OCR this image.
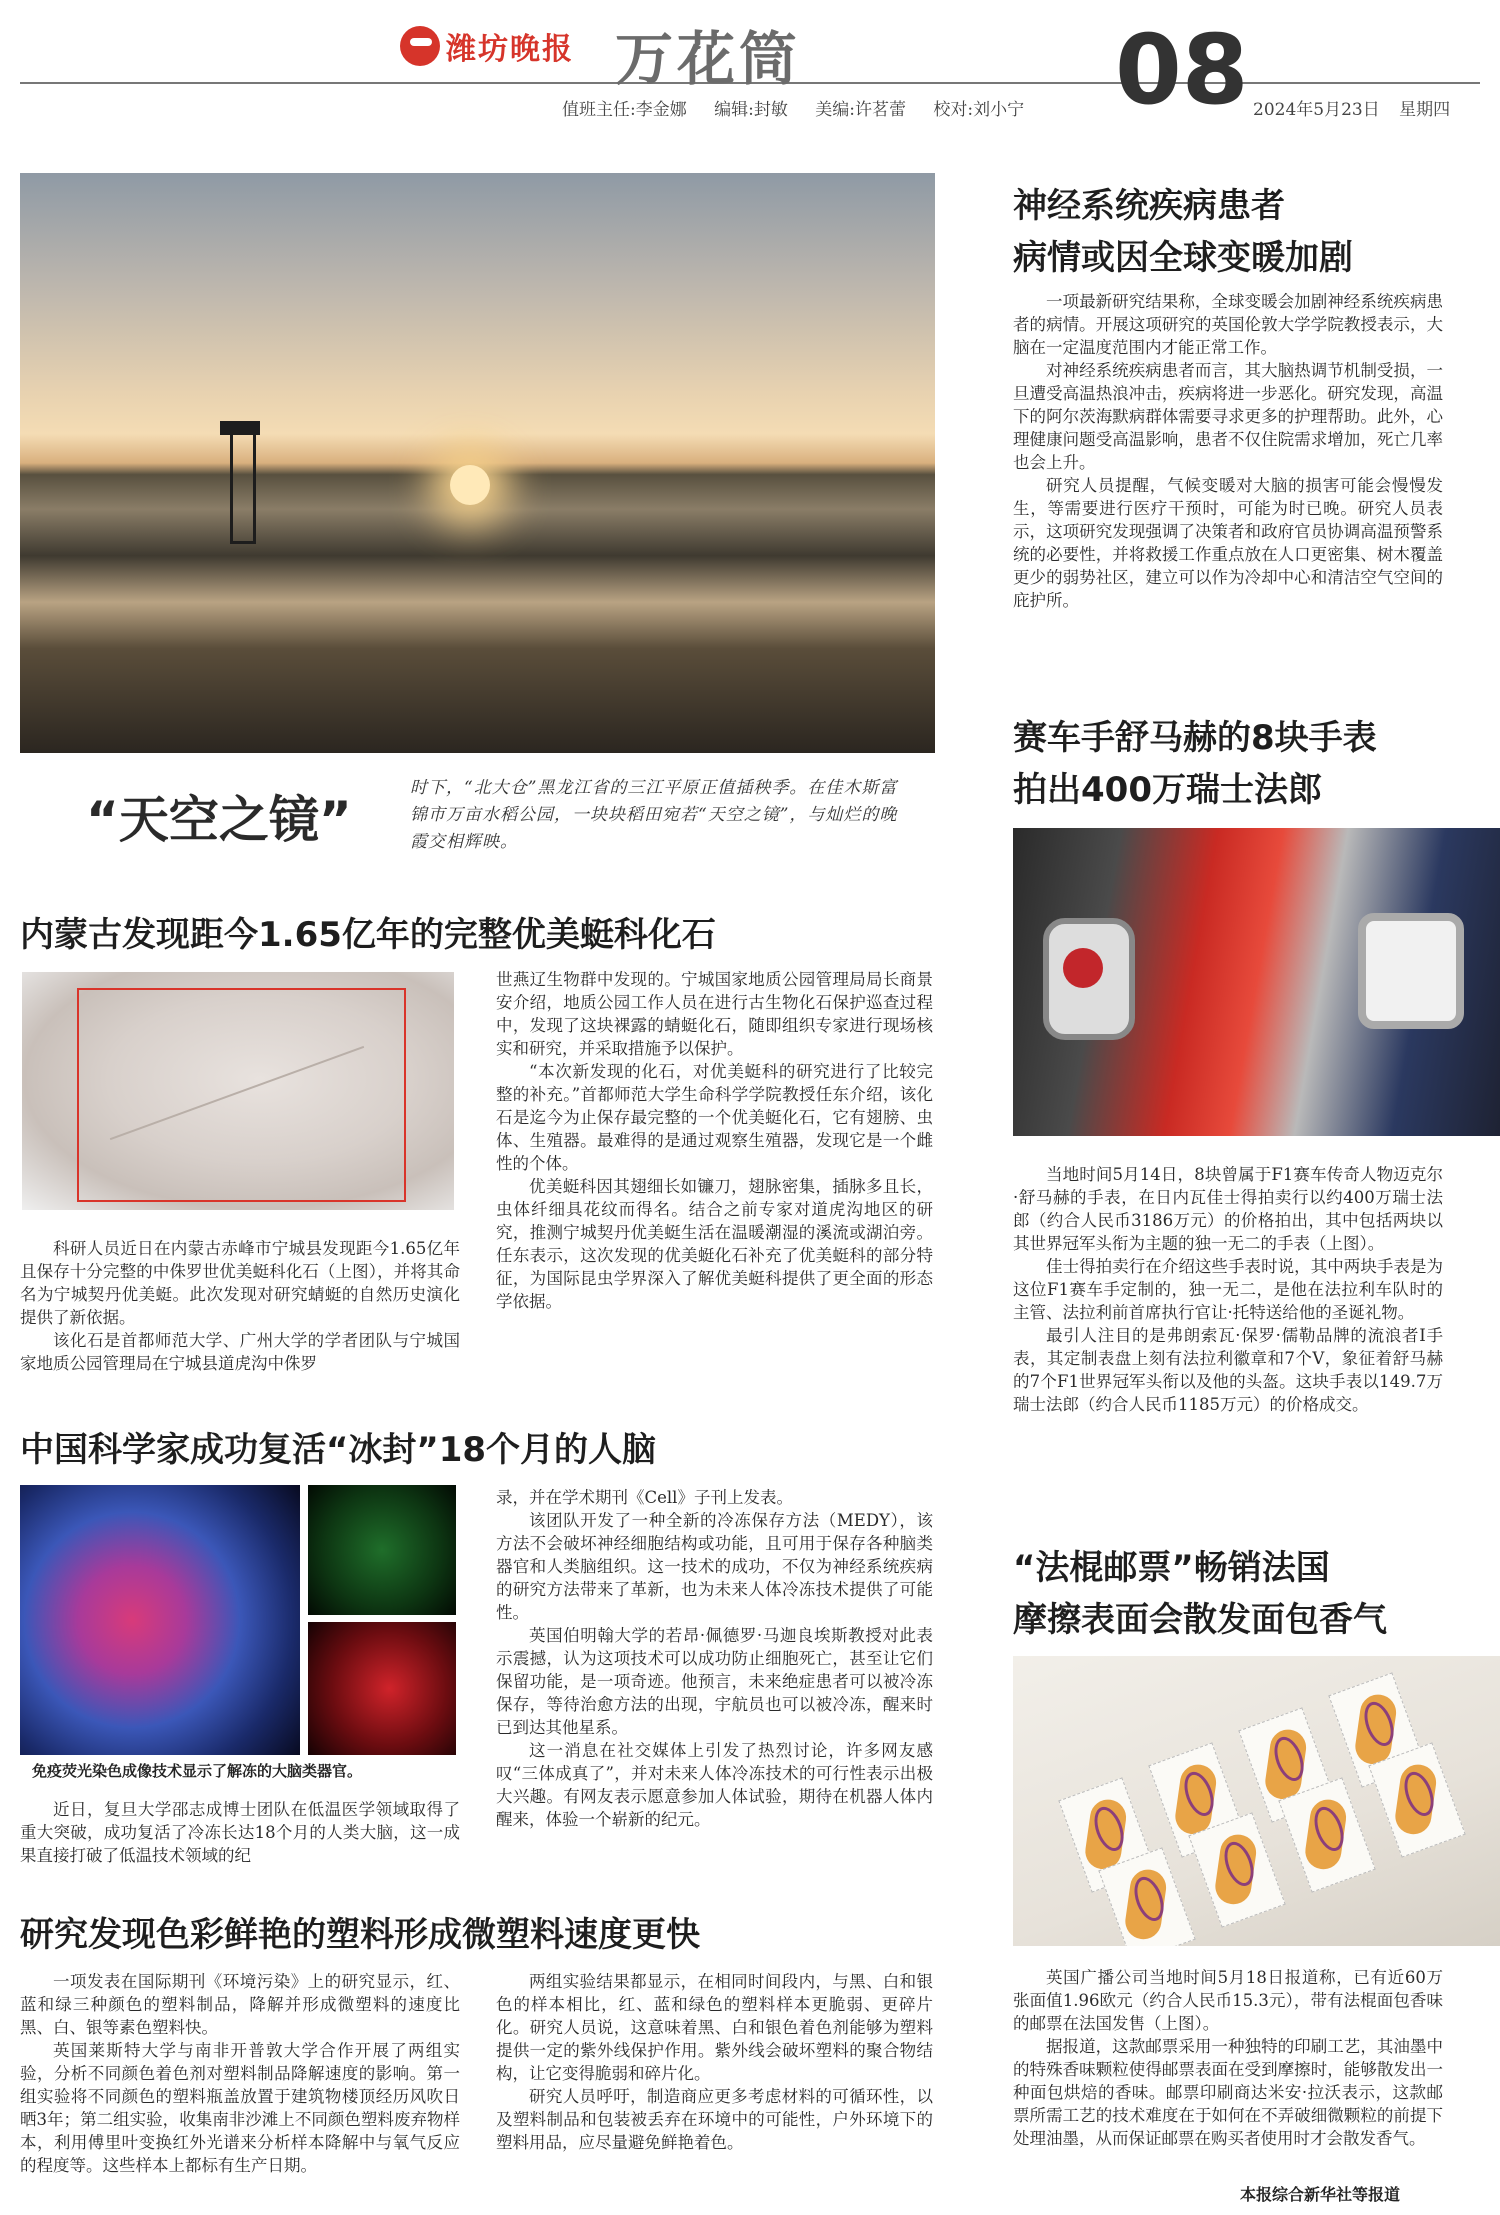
潍坊晚报 万花筒	08
值班主任:李金娜 编辑:封敏 美编:许茗蕾 校对:刘小宁	2024年5月23日 星期四
“天空之镜”
时下，“北大仓”黑龙江省的三江平原正值插秧季。在佳木斯富锦市万亩水稻公园，一块块稻田宛若“天空之镜”，与灿烂的晚霞交相辉映。
内蒙古发现距今1.65亿年的完整优美蜓科化石

科研人员近日在内蒙古赤峰市宁城县发现距今1.65亿年且保存十分完整的中侏罗世优美蜓科化石（上图），并将其命名为宁城契丹优美蜓。此次发现对研究蜻蜓的自然历史演化提供了新依据。

该化石是首都师范大学、广州大学的学者团队与宁城国家地质公园管理局在宁城县道虎沟中侏罗

世燕辽生物群中发现的。宁城国家地质公园管理局局长商景安介绍，地质公园工作人员在进行古生物化石保护巡查过程中，发现了这块裸露的蜻蜓化石，随即组织专家进行现场核实和研究，并采取措施予以保护。

“本次新发现的化石，对优美蜓科的研究进行了比较完整的补充。”首都师范大学生命科学学院教授任东介绍，该化石是迄今为止保存最完整的一个优美蜓化石，它有翅膀、虫体、生殖器。最难得的是通过观察生殖器，发现它是一个雌性的个体。

优美蜓科因其翅细长如镰刀，翅脉密集，插脉多且长，虫体纤细具花纹而得名。结合之前专家对道虎沟地区的研究，推测宁城契丹优美蜓生活在温暖潮湿的溪流或湖泊旁。任东表示，这次发现的优美蜓化石补充了优美蜓科的部分特征，为国际昆虫学界深入了解优美蜓科提供了更全面的形态学依据。

中国科学家成功复活“冰封”18个月的人脑
免疫荧光染色成像技术显示了解冻的大脑类器官。

近日，复旦大学邵志成博士团队在低温医学领域取得了重大突破，成功复活了冷冻长达18个月的人类大脑，这一成果直接打破了低温技术领域的纪

录，并在学术期刊《Cell》子刊上发表。

该团队开发了一种全新的冷冻保存方法（MEDY），该方法不会破坏神经细胞结构或功能，且可用于保存各种脑类器官和人类脑组织。这一技术的成功，不仅为神经系统疾病的研究方法带来了革新，也为未来人体冷冻技术提供了可能性。

英国伯明翰大学的若昂·佩德罗·马迦良埃斯教授对此表示震撼，认为这项技术可以成功防止细胞死亡，甚至让它们保留功能，是一项奇迹。他预言，未来绝症患者可以被冷冻保存，等待治愈方法的出现，宇航员也可以被冷冻，醒来时已到达其他星系。

这一消息在社交媒体上引发了热烈讨论，许多网友感叹“三体成真了”，并对未来人体冷冻技术的可行性表示出极大兴趣。有网友表示愿意参加人体试验，期待在机器人体内醒来，体验一个崭新的纪元。

研究发现色彩鲜艳的塑料形成微塑料速度更快

一项发表在国际期刊《环境污染》上的研究显示，红、蓝和绿三种颜色的塑料制品，降解并形成微塑料的速度比黑、白、银等素色塑料快。

英国莱斯特大学与南非开普敦大学合作开展了两组实验，分析不同颜色着色剂对塑料制品降解速度的影响。第一组实验将不同颜色的塑料瓶盖放置于建筑物楼顶经历风吹日晒3年；第二组实验，收集南非沙滩上不同颜色塑料废弃物样本，利用傅里叶变换红外光谱来分析样本降解中与氧气反应的程度等。这些样本上都标有生产日期。

两组实验结果都显示，在相同时间段内，与黑、白和银色的样本相比，红、蓝和绿色的塑料样本更脆弱、更碎片化。研究人员说，这意味着黑、白和银色着色剂能够为塑料提供一定的紫外线保护作用。紫外线会破坏塑料的聚合物结构，让它变得脆弱和碎片化。

研究人员呼吁，制造商应更多考虑材料的可循环性，以及塑料制品和包装被丢弃在环境中的可能性，户外环境下的塑料用品，应尽量避免鲜艳着色。

神经系统疾病患者
病情或因全球变暖加剧

一项最新研究结果称，全球变暖会加剧神经系统疾病患者的病情。开展这项研究的英国伦敦大学学院教授表示，大脑在一定温度范围内才能正常工作。

对神经系统疾病患者而言，其大脑热调节机制受损，一旦遭受高温热浪冲击，疾病将进一步恶化。研究发现，高温下的阿尔茨海默病群体需要寻求更多的护理帮助。此外，心理健康问题受高温影响，患者不仅住院需求增加，死亡几率也会上升。

研究人员提醒，气候变暖对大脑的损害可能会慢慢发生，等需要进行医疗干预时，可能为时已晚。研究人员表示，这项研究发现强调了决策者和政府官员协调高温预警系统的必要性，并将救援工作重点放在人口更密集、树木覆盖更少的弱势社区，建立可以作为冷却中心和清洁空气空间的庇护所。

赛车手舒马赫的8块手表
拍出400万瑞士法郎

当地时间5月14日，8块曾属于F1赛车传奇人物迈克尔·舒马赫的手表，在日内瓦佳士得拍卖行以约400万瑞士法郎（约合人民币3186万元）的价格拍出，其中包括两块以其世界冠军头衔为主题的独一无二的手表（上图）。

佳士得拍卖行在介绍这些手表时说，其中两块手表是为这位F1赛车手定制的，独一无二，是他在法拉利车队时的主管、法拉利前首席执行官让·托特送给他的圣诞礼物。

最引人注目的是弗朗索瓦·保罗·儒勒品牌的流浪者I手表，其定制表盘上刻有法拉利徽章和7个V，象征着舒马赫的7个F1世界冠军头衔以及他的头盔。这块手表以149.7万瑞士法郎（约合人民币1185万元）的价格成交。

“法棍邮票”畅销法国
摩擦表面会散发面包香气

英国广播公司当地时间5月18日报道称，已有近60万张面值1.96欧元（约合人民币15.3元），带有法棍面包香味的邮票在法国发售（上图）。

据报道，这款邮票采用一种独特的印刷工艺，其油墨中的特殊香味颗粒使得邮票表面在受到摩擦时，能够散发出一种面包烘焙的香味。邮票印刷商达米安·拉沃表示，这款邮票所需工艺的技术难度在于如何在不弄破细微颗粒的前提下处理油墨，从而保证邮票在购买者使用时才会散发香气。

本报综合新华社等报道
